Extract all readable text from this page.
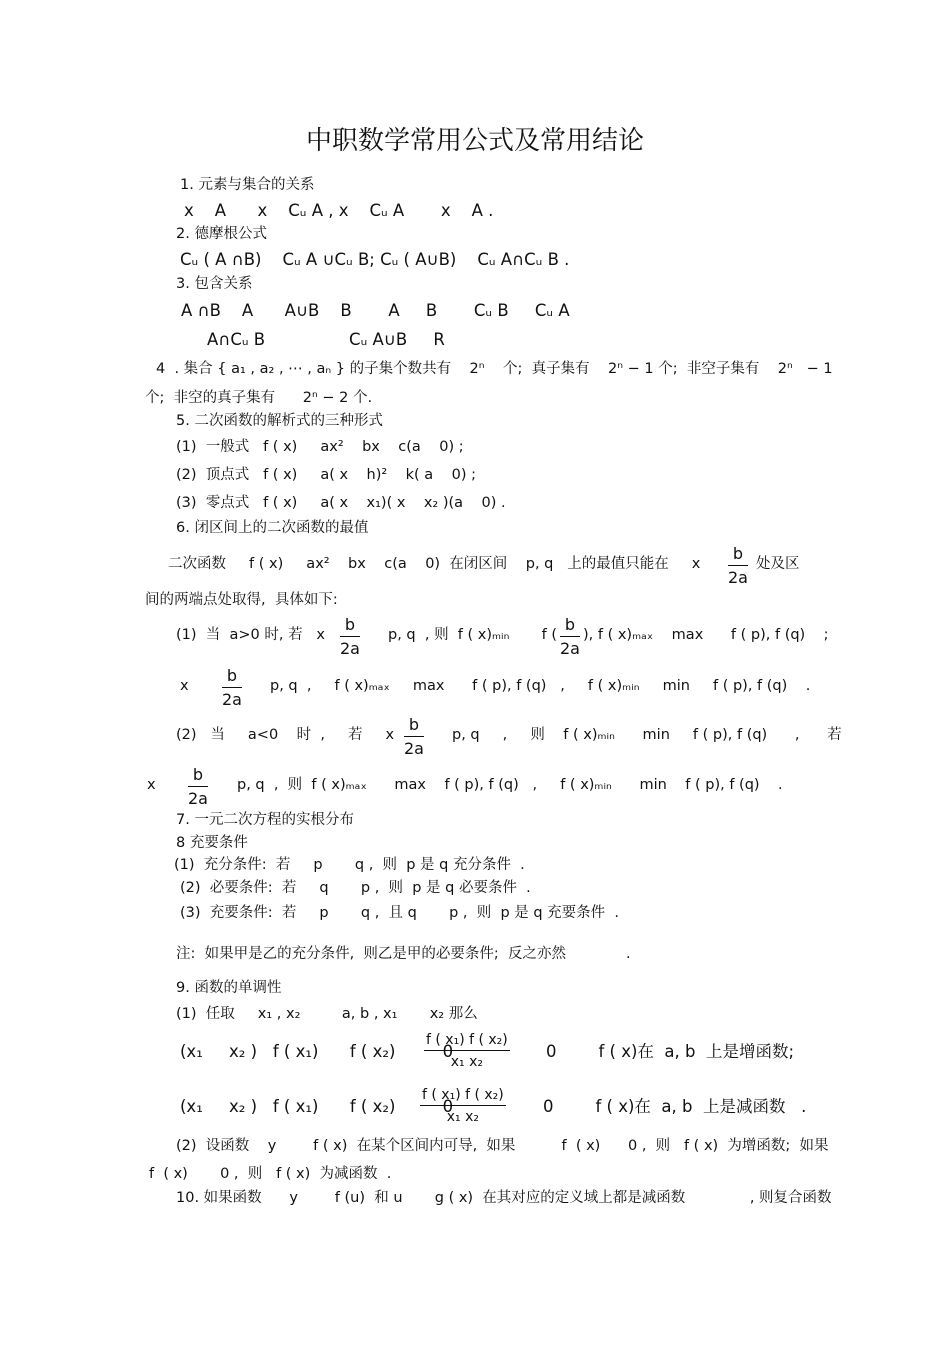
中职数学常用公式及常用结论
1. 元素与集合的关系
x    A      x    Cᵤ A , x    Cᵤ A       x    A .
2. 德摩根公式
Cᵤ ( A ∩B)    Cᵤ A ∪Cᵤ B; Cᵤ ( A∪B)    Cᵤ A∩Cᵤ B .
3. 包含关系
A ∩B    A      A∪B    B       A     B       Cᵤ B     Cᵤ A
A∩Cᵤ B                Cᵤ A∪B     R
4  . 集合 { a₁ , a₂ , ⋯ , aₙ } 的子集个数共有    2ⁿ    个;  真子集有    2ⁿ − 1 个;  非空子集有    2ⁿ   − 1
个;  非空的真子集有      2ⁿ − 2 个.
5. 二次函数的解析式的三种形式
(1)  一般式   f ( x)     ax²    bx    c(a    0) ;
(2)  顶点式   f ( x)     a( x    h)²    k( a    0) ;
(3)  零点式   f ( x)     a( x    x₁)( x    x₂ )(a    0) .
6. 闭区间上的二次函数的最值
二次函数     f ( x)     ax²    bx    c(a    0)  在闭区间    p, q   上的最值只能在     x
b
2a
处及区
间的两端点处取得,  具体如下:
(1)  当  a>0 时, 若   x
b
2a
p, q  , 则  f ( x)ₘᵢₙ       f (
b
2a
), f ( x)ₘₐₓ    max      f ( p), f (q)    ;
x
b
2a
p, q  ,     f ( x)ₘₐₓ     max      f ( p), f (q)   ,     f ( x)ₘᵢₙ     min     f ( p), f (q)    .
(2)   当     a<0    时  ,     若     x
b
2a
p, q     ,     则    f ( x)ₘᵢₙ      min     f ( p), f (q)      ,      若
x
b
2a
p, q  ,  则  f ( x)ₘₐₓ      max    f ( p), f (q)   ,     f ( x)ₘᵢₙ      min    f ( p), f (q)    .
7. 一元二次方程的实根分布
8 充要条件
(1)  充分条件:  若     p       q ,  则  p 是 q 充分条件  .
(2)  必要条件:  若     q       p ,  则  p 是 q 必要条件  .
(3)  充要条件:  若     p       q ,  且 q       p ,  则  p 是 q 充要条件  .
注:  如果甲是乙的充分条件,  则乙是甲的必要条件;  反之亦然             .
9. 函数的单调性
(1)  任取     x₁ , x₂         a, b , x₁       x₂ 那么
(x₁     x₂ )   f ( x₁)      f ( x₂)         0
f ( x₁) f ( x₂)
x₁ x₂
0        f ( x)在  a, b  上是增函数;
(x₁     x₂ )   f ( x₁)      f ( x₂)         0
f ( x₁) f ( x₂)
x₁ x₂
0        f ( x)在  a, b  上是减函数   .
(2)  设函数    y        f ( x)  在某个区间内可导,  如果          f  ( x)      0 ,  则   f ( x)  为增函数;  如果
f  ( x)       0 ,  则   f ( x)  为减函数  .
10. 如果函数      y        f (u)  和 u       g ( x)  在其对应的定义域上都是减函数              , 则复合函数
